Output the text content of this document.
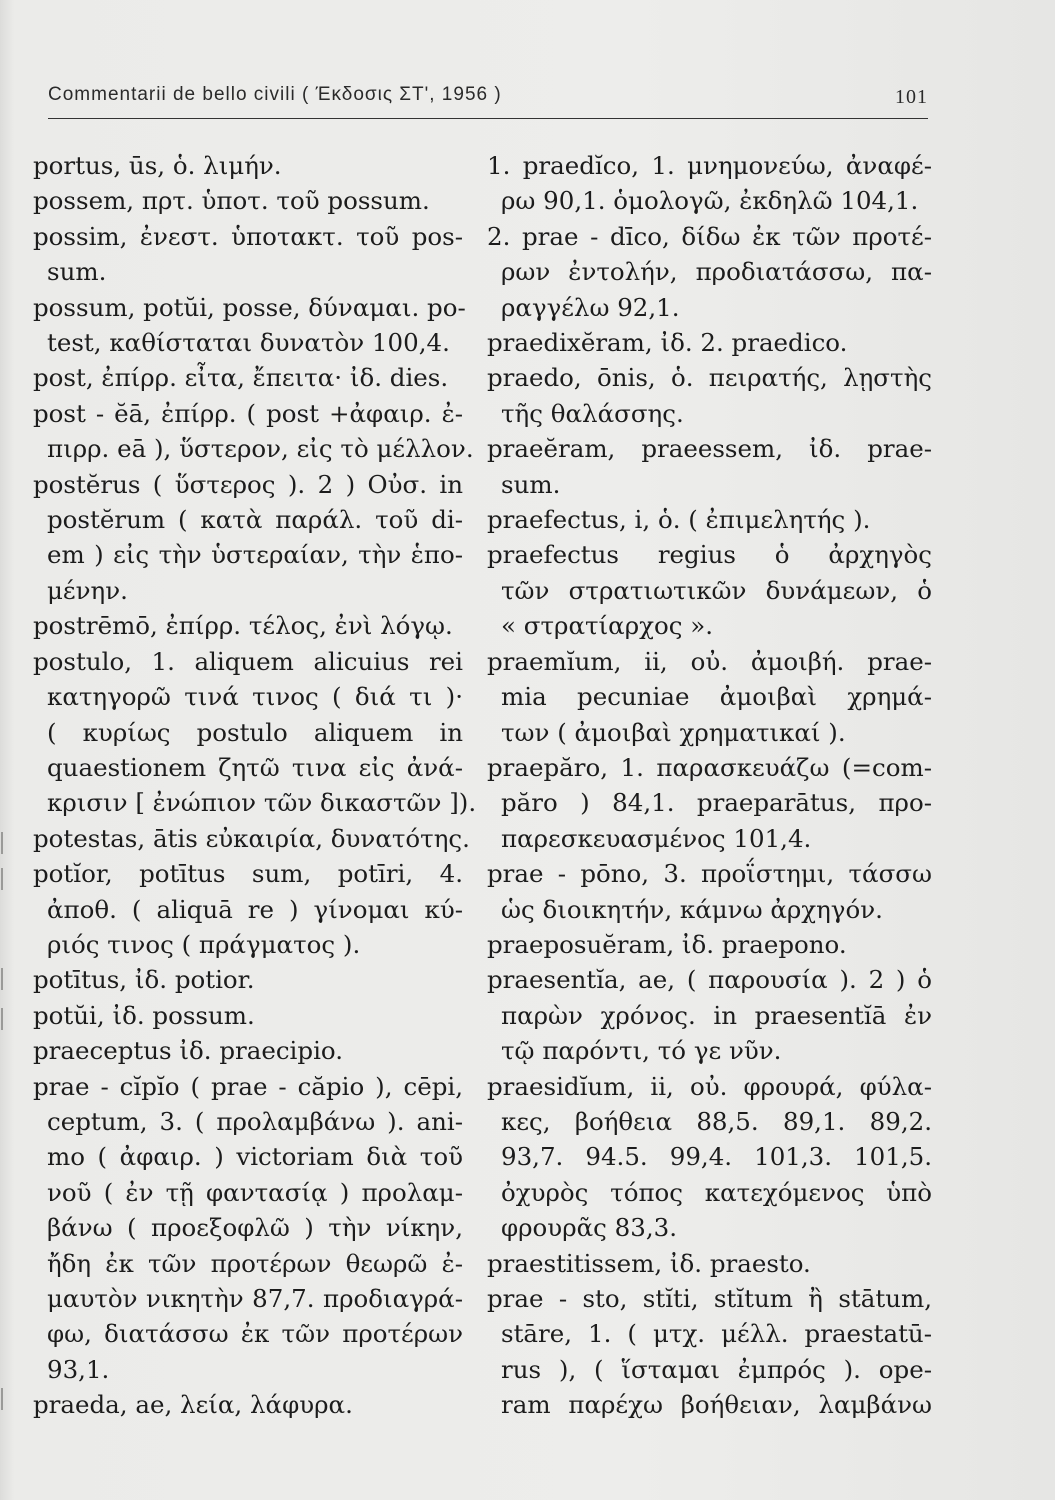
Commentarii de bello civili ( Έκδοσις ΣΤ', 1956 )	101
portus, ūs, ὁ. λιμήν.
possem, πρτ. ὑποτ. τοῦ possum.
possim, ἐνεστ. ὑποτακτ. τοῦ pos-
sum.
possum, potŭi, posse, δύναμαι. po-
test, καθίσταται δυνατὸν 100,4.
post, ἐπίρρ. εἶτα, ἔπειτα· ἰδ. dies.
post - ĕā, ἐπίρρ. ( post +ἀφαιρ. ἐ-
πιρρ. eā ), ὕστερον, εἰς τὸ μέλλον.
postĕrus ( ὕστερος ). 2 ) Οὐσ. in
postĕrum ( κατὰ παράλ. τοῦ di-
em ) εἰς τὴν ὑστεραίαν, τὴν ἑπο-
μένην.
postrēmō, ἐπίρρ. τέλος, ἐνὶ λόγῳ.
postulo, 1. aliquem alicuius rei
κατηγορῶ τινά τινος ( διά τι )·
( κυρίως postulo aliquem in
quaestionem ζητῶ τινα εἰς ἀνά-
κρισιν [ ἐνώπιον τῶν δικαστῶν ]).
potestas, ātis εὐκαιρία, δυνατότης.
potĭor, potītus sum, potīri, 4.
ἀποθ. ( aliquā re ) γίνομαι κύ-
ριός τινος ( πράγματος ).
potītus, ἰδ. potior.
potŭi, ἰδ. possum.
praeceptus ἰδ. praecipio.
prae - cĭpĭo ( prae - căpio ), cēpi,
ceptum, 3. ( προλαμβάνω ). ani-
mo ( ἀφαιρ. ) victoriam διὰ τοῦ
νοῦ ( ἐν τῇ φαντασίᾳ ) προλαμ-
βάνω ( προεξοφλῶ ) τὴν νίκην,
ἤδη ἐκ τῶν προτέρων θεωρῶ ἐ-
μαυτὸν νικητὴν 87,7. προδιαγρά-
φω, διατάσσω ἐκ τῶν προτέρων
93,1.
praeda, ae, λεία, λάφυρα.
1. praedĭco, 1. μνημονεύω, ἀναφέ-
ρω 90,1. ὁμολογῶ, ἐκδηλῶ 104,1.
2. prae - dīco, δίδω ἐκ τῶν προτέ-
ρων ἐντολήν, προδιατάσσω, πα-
ραγγέλω 92,1.
praedixĕram, ἰδ. 2. praedico.
praedo, ōnis, ὁ. πειρατής, λῃστὴς
τῆς θαλάσσης.
praeĕram, praeessem, ἰδ. prae-
sum.
praefectus, i, ὁ. ( ἐπιμελητής ).
praefectus regius ὁ ἀρχηγὸς
τῶν στρατιωτικῶν δυνάμεων, ὁ
« στρατίαρχος ».
praemĭum, ii, οὐ. ἀμοιβή. prae-
mia pecuniae ἀμοιβαὶ χρημά-
των ( ἀμοιβαὶ χρηματικαί ).
praepăro, 1. παρασκευάζω (=com-
păro ) 84,1. praeparātus, προ-
παρεσκευασμένος 101,4.
prae - pōno, 3. προΐστημι, τάσσω
ὡς διοικητήν, κάμνω ἀρχηγόν.
praeposuĕram, ἰδ. praepono.
praesentĭa, ae, ( παρουσία ). 2 ) ὁ
παρὼν χρόνος. in praesentĭā ἐν
τῷ παρόντι, τό γε νῦν.
praesidĭum, ii, οὐ. φρουρά, φύλα-
κες, βοήθεια 88,5. 89,1. 89,2.
93,7. 94.5. 99,4. 101,3. 101,5.
ὀχυρὸς τόπος κατεχόμενος ὑπὸ
φρουρᾶς 83,3.
praestitissem, ἰδ. praesto.
prae - sto, stĭti, stĭtum ἢ stātum,
stāre, 1. ( μτχ. μέλλ. praestatū-
rus ), ( ἵσταμαι ἐμπρός ). ope-
ram παρέχω βοήθειαν, λαμβάνω
